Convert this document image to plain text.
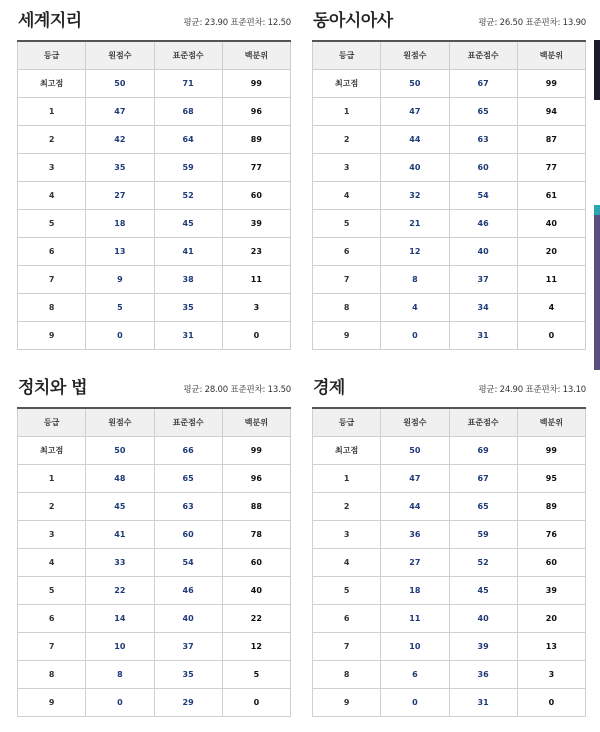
세계지리	평균: 23.90 표준편차: 12.50
등급	원점수	표준점수	백분위
최고점	50	71	99
1	47	68	96
2	42	64	89
3	35	59	77
4	27	52	60
5	18	45	39
6	13	41	23
7	9	38	11
8	5	35	3
9	0	31	0
동아시아사	평균: 26.50 표준편차: 13.90
등급	원점수	표준점수	백분위
최고점	50	67	99
1	47	65	94
2	44	63	87
3	40	60	77
4	32	54	61
5	21	46	40
6	12	40	20
7	8	37	11
8	4	34	4
9	0	31	0
정치와 법	평균: 28.00 표준편차: 13.50
등급	원점수	표준점수	백분위
최고점	50	66	99
1	48	65	96
2	45	63	88
3	41	60	78
4	33	54	60
5	22	46	40
6	14	40	22
7	10	37	12
8	8	35	5
9	0	29	0
경제	평균: 24.90 표준편차: 13.10
등급	원점수	표준점수	백분위
최고점	50	69	99
1	47	67	95
2	44	65	89
3	36	59	76
4	27	52	60
5	18	45	39
6	11	40	20
7	10	39	13
8	6	36	3
9	0	31	0
